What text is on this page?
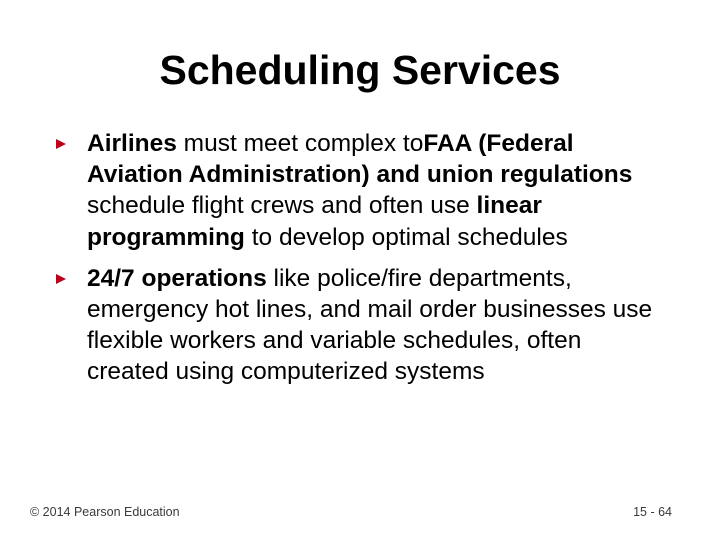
Scheduling Services
Airlines must meet complex toFAA (Federal Aviation Administration) and union regulations schedule flight crews and often use linear programming to develop optimal schedules
24/7 operations like police/fire departments, emergency hot lines, and mail order businesses use flexible workers and variable schedules, often created using computerized systems
© 2014 Pearson Education	15 - 64
